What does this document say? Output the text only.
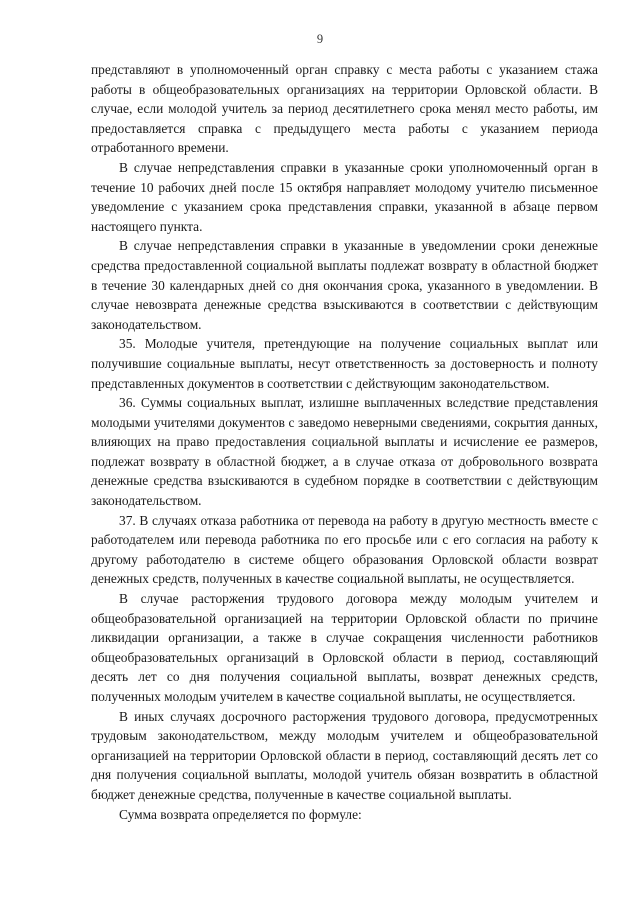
9

представляют в уполномоченный орган справку с места работы с указанием стажа работы в общеобразовательных организациях на территории Орловской области. В случае, если молодой учитель за период десятилетнего срока менял место работы, им предоставляется справка с предыдущего места работы с указанием периода отработанного времени.

В случае непредставления справки в указанные сроки уполномоченный орган в течение 10 рабочих дней после 15 октября направляет молодому учителю письменное уведомление с указанием срока представления справки, указанной в абзаце первом настоящего пункта.

В случае непредставления справки в указанные в уведомлении сроки денежные средства предоставленной социальной выплаты подлежат возврату в областной бюджет в течение 30 календарных дней со дня окончания срока, указанного в уведомлении. В случае невозврата денежные средства взыскиваются в соответствии с действующим законодательством.

35. Молодые учителя, претендующие на получение социальных выплат или получившие социальные выплаты, несут ответственность за достоверность и полноту представленных документов в соответствии с действующим законодательством.

36. Суммы социальных выплат, излишне выплаченных вследствие представления молодыми учителями документов с заведомо неверными сведениями, сокрытия данных, влияющих на право предоставления социальной выплаты и исчисление ее размеров, подлежат возврату в областной бюджет, а в случае отказа от добровольного возврата денежные средства взыскиваются в судебном порядке в соответствии с действующим законодательством.

37. В случаях отказа работника от перевода на работу в другую местность вместе с работодателем или перевода работника по его просьбе или с его согласия на работу к другому работодателю в системе общего образования Орловской области возврат денежных средств, полученных в качестве социальной выплаты, не осуществляется.

В случае расторжения трудового договора между молодым учителем и общеобразовательной организацией на территории Орловской области по причине ликвидации организации, а также в случае сокращения численности работников общеобразовательных организаций в Орловской области в период, составляющий десять лет со дня получения социальной выплаты, возврат денежных средств, полученных молодым учителем в качестве социальной выплаты, не осуществляется.

В иных случаях досрочного расторжения трудового договора, предусмотренных трудовым законодательством, между молодым учителем и общеобразовательной организацией на территории Орловской области в период, составляющий десять лет со дня получения социальной выплаты, молодой учитель обязан возвратить в областной бюджет денежные средства, полученные в качестве социальной выплаты.

Сумма возврата определяется по формуле:
